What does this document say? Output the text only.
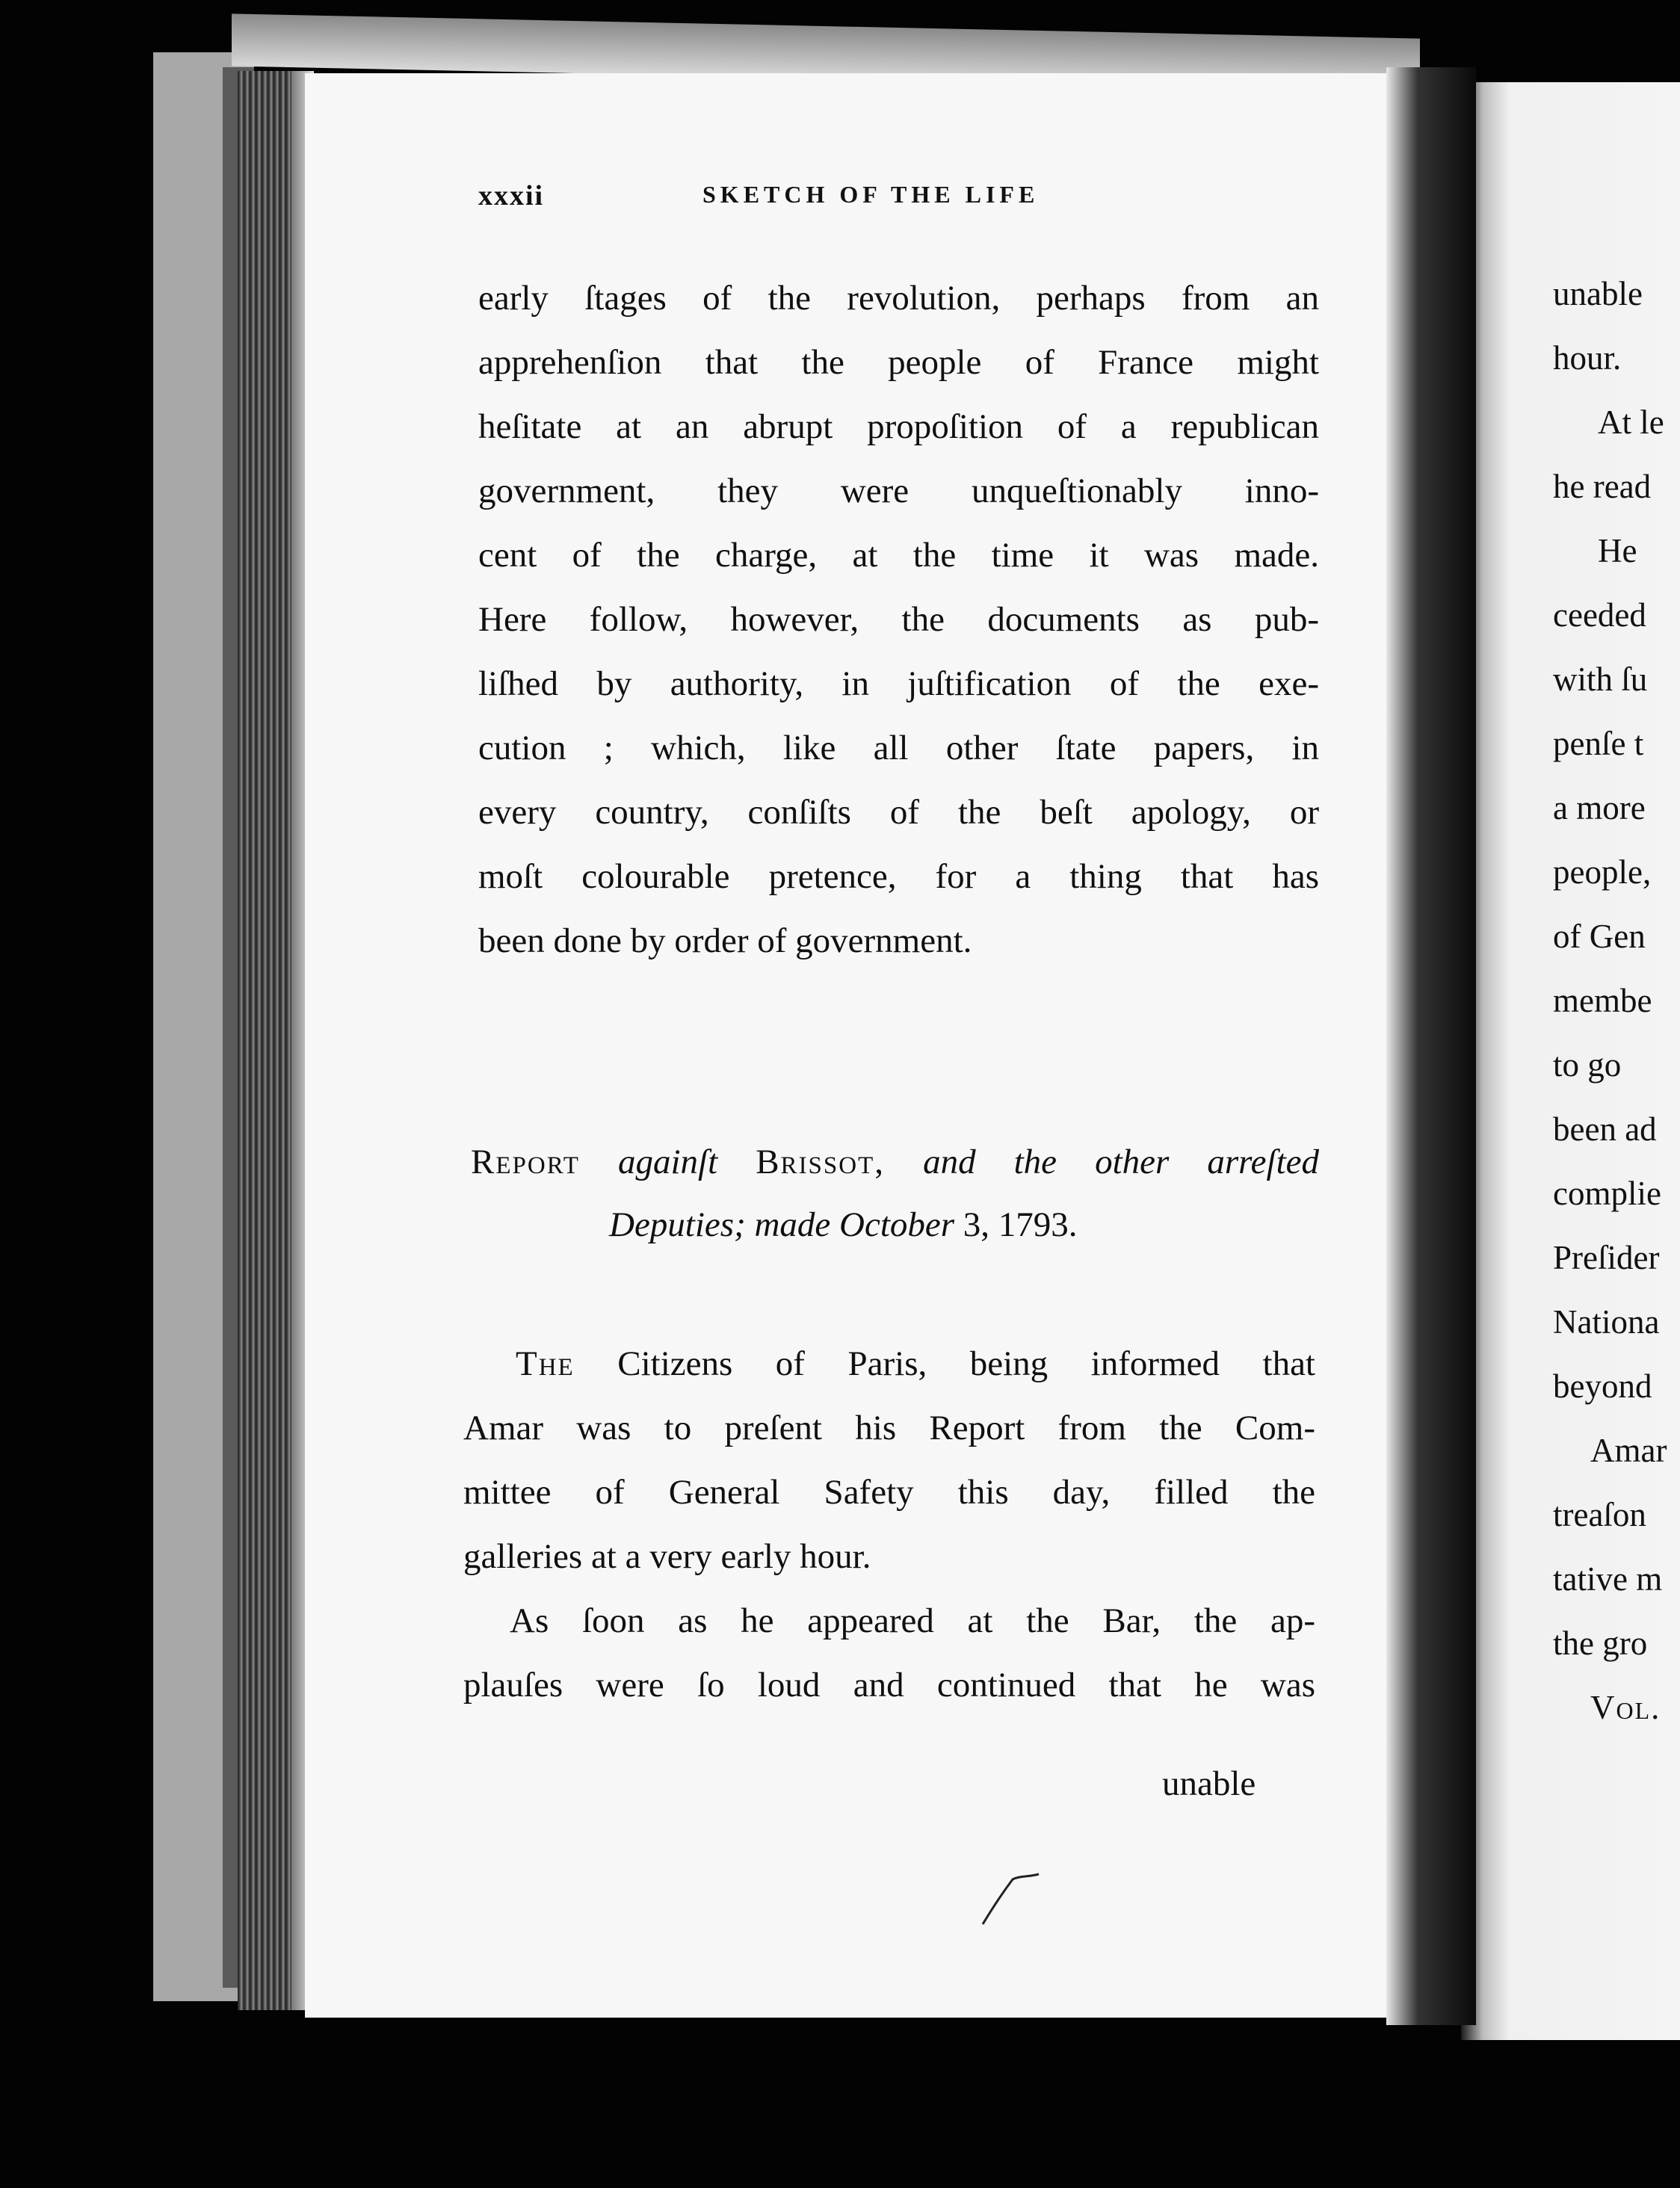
xxxii	SKETCH OF THE LIFE
early ſtages of the revolution, perhaps from an
apprehenſion that the people of France might
heſitate at an abrupt propoſition of a republican
government, they were unqueſtionably inno-
cent of the charge, at the time it was made.
Here follow, however, the documents as pub-
liſhed by authority, in juſtification of the exe-
cution ; which, like all other ſtate papers, in
every country, conſiſts of the beſt apology, or
moſt colourable pretence, for a thing that has
been done by order of government.
Report againſt Brissot, and the other arreſted
Deputies; made October 3, 1793.
The Citizens of Paris, being informed that
Amar was to preſent his Report from the Com-
mittee of General Safety this day, filled the
galleries at a very early hour.
As ſoon as he appeared at the Bar, the ap-
plauſes were ſo loud and continued that he was
unable
unable
hour.
At le
he read
He
ceeded
with ſu
penſe t
a more
people,
of Gen
membe
to go
been ad
complie
Preſider
Nationa
beyond
Amar
treaſon
tative m
the gro
Vol.
